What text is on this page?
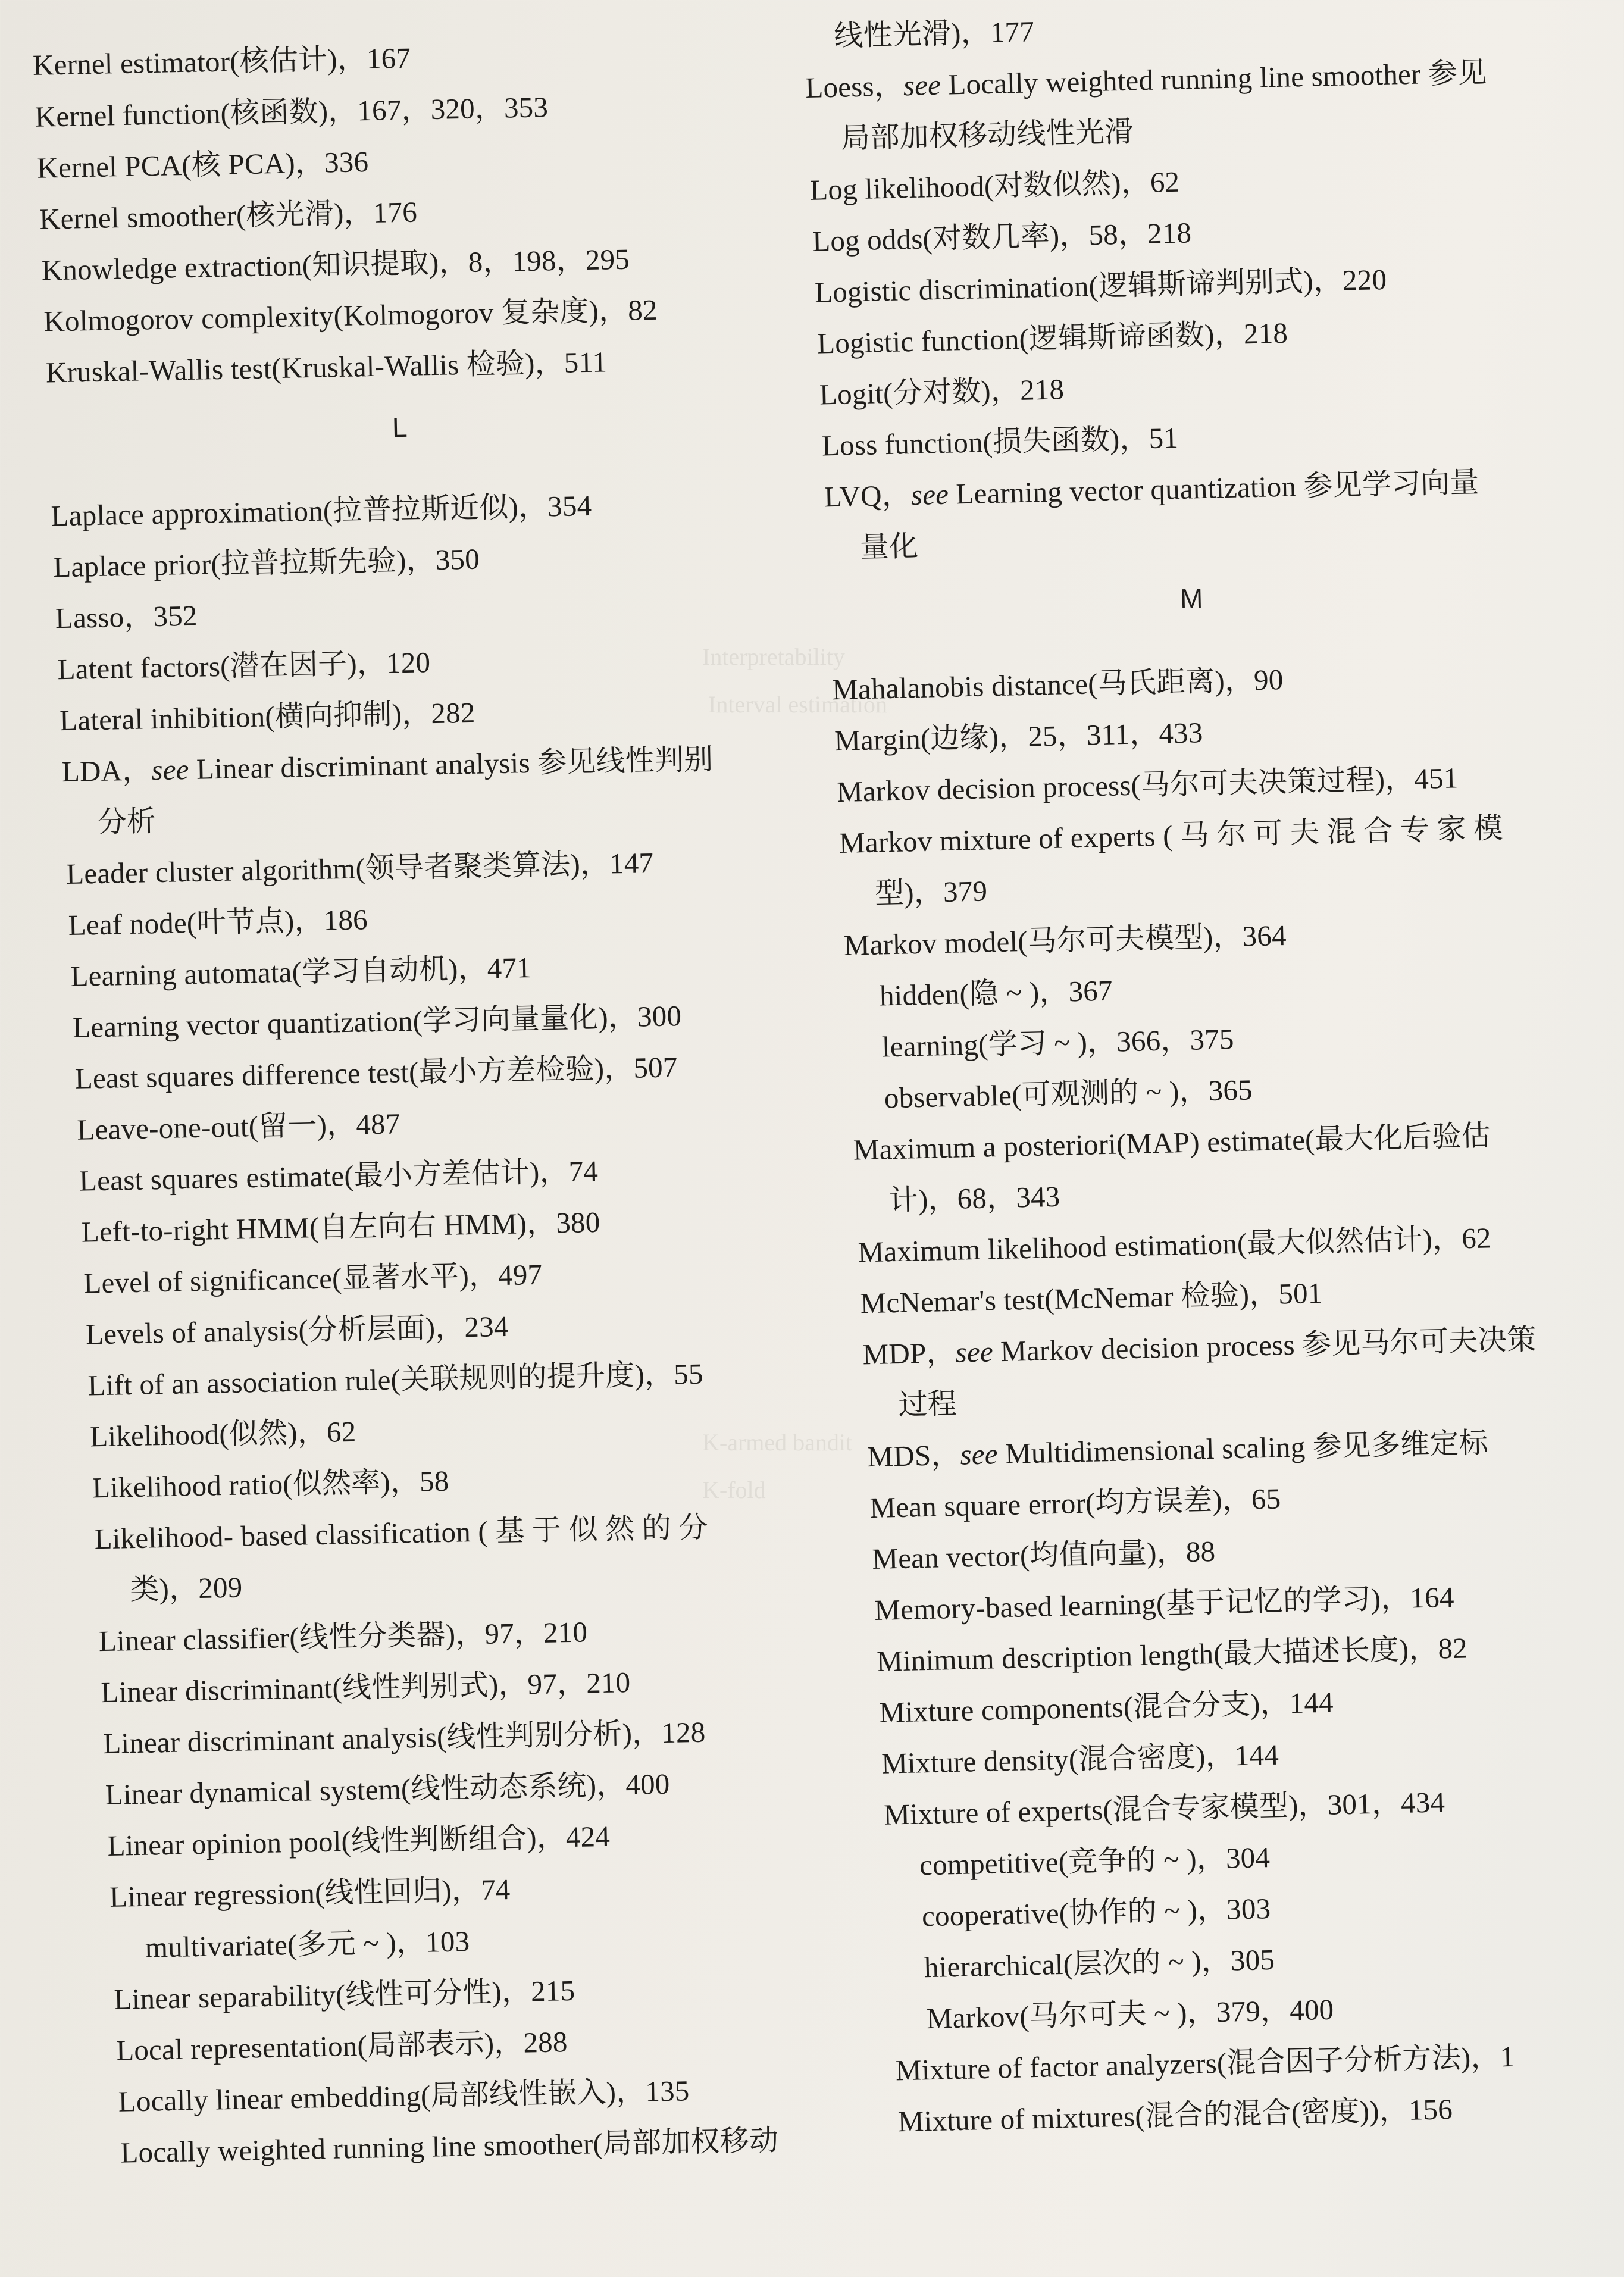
Interpretability
Interval estimation
K-armed bandit
K-fold
Kernel estimator(核估计)，167
Kernel function(核函数)，167，320，353
Kernel PCA(核 PCA)，336
Kernel smoother(核光滑)，176
Knowledge extraction(知识提取)，8，198，295
Kolmogorov complexity(Kolmogorov 复杂度)，82
Kruskal-Wallis test(Kruskal-Wallis 检验)，511
L
Laplace approximation(拉普拉斯近似)，354
Laplace prior(拉普拉斯先验)，350
Lasso，352
Latent factors(潜在因子)，120
Lateral inhibition(横向抑制)，282
LDA，see Linear discriminant analysis 参见线性判别
分析
Leader cluster algorithm(领导者聚类算法)，147
Leaf node(叶节点)，186
Learning automata(学习自动机)，471
Learning vector quantization(学习向量量化)，300
Least squares difference test(最小方差检验)，507
Leave-one-out(留一)，487
Least squares estimate(最小方差估计)，74
Left-to-right HMM(自左向右 HMM)，380
Level of significance(显著水平)，497
Levels of analysis(分析层面)，234
Lift of an association rule(关联规则的提升度)，55
Likelihood(似然)，62
Likelihood ratio(似然率)，58
Likelihood- based classification ( 基 于 似 然 的 分
类)，209
Linear classifier(线性分类器)，97，210
Linear discriminant(线性判别式)，97，210
Linear discriminant analysis(线性判别分析)，128
Linear dynamical system(线性动态系统)，400
Linear opinion pool(线性判断组合)，424
Linear regression(线性回归)，74
multivariate(多元 ~ )，103
Linear separability(线性可分性)，215
Local representation(局部表示)，288
Locally linear embedding(局部线性嵌入)，135
Locally weighted running line smoother(局部加权移动
线性光滑)，177
Loess，see Locally weighted running line smoother 参见
局部加权移动线性光滑
Log likelihood(对数似然)，62
Log odds(对数几率)，58，218
Logistic discrimination(逻辑斯谛判别式)，220
Logistic function(逻辑斯谛函数)，218
Logit(分对数)，218
Loss function(损失函数)，51
LVQ，see Learning vector quantization 参见学习向量
量化
M
Mahalanobis distance(马氏距离)，90
Margin(边缘)，25，311，433
Markov decision process(马尔可夫决策过程)，451
Markov mixture of experts ( 马 尔 可 夫 混 合 专 家 模
型)，379
Markov model(马尔可夫模型)，364
hidden(隐 ~ )，367
learning(学习 ~ )，366，375
observable(可观测的 ~ )，365
Maximum a posteriori(MAP) estimate(最大化后验估
计)，68，343
Maximum likelihood estimation(最大似然估计)，62
McNemar's test(McNemar 检验)，501
MDP，see Markov decision process 参见马尔可夫决策
过程
MDS，see Multidimensional scaling 参见多维定标
Mean square error(均方误差)，65
Mean vector(均值向量)，88
Memory-based learning(基于记忆的学习)，164
Minimum description length(最大描述长度)，82
Mixture components(混合分支)，144
Mixture density(混合密度)，144
Mixture of experts(混合专家模型)，301，434
competitive(竞争的 ~ )，304
cooperative(协作的 ~ )，303
hierarchical(层次的 ~ )，305
Markov(马尔可夫 ~ )，379，400
Mixture of factor analyzers(混合因子分析方法)，1
Mixture of mixtures(混合的混合(密度))，156
